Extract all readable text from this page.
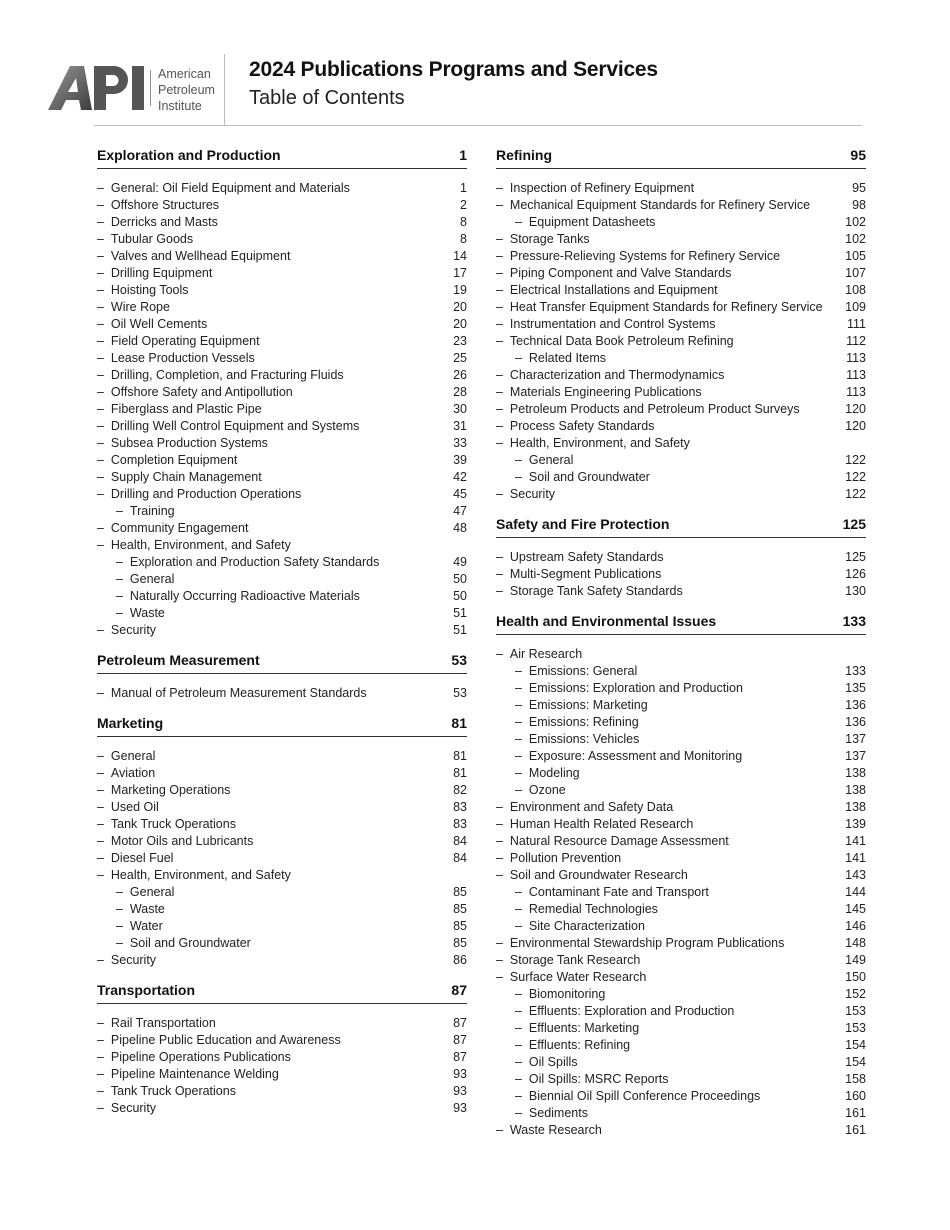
American
Petroleum
Institute
2024 Publications Programs and Services
Table of Contents
Exploration and Production	1
–  General: Oil Field Equipment and Materials	1
–  Offshore Structures	2
–  Derricks and Masts	8
–  Tubular Goods	8
–  Valves and Wellhead Equipment	14
–  Drilling Equipment	17
–  Hoisting Tools	19
–  Wire Rope	20
–  Oil Well Cements	20
–  Field Operating Equipment	23
–  Lease Production Vessels	25
–  Drilling, Completion, and Fracturing Fluids	26
–  Offshore Safety and Antipollution	28
–  Fiberglass and Plastic Pipe	30
–  Drilling Well Control Equipment and Systems	31
–  Subsea Production Systems	33
–  Completion Equipment	39
–  Supply Chain Management	42
–  Drilling and Production Operations	45
–  Training	47
–  Community Engagement	48
–  Health, Environment, and Safety
–  Exploration and Production Safety Standards	49
–  General	50
–  Naturally Occurring Radioactive Materials	50
–  Waste	51
–  Security	51
Petroleum Measurement	53
–  Manual of Petroleum Measurement Standards	53
Marketing	81
–  General	81
–  Aviation	81
–  Marketing Operations	82
–  Used Oil	83
–  Tank Truck Operations	83
–  Motor Oils and Lubricants	84
–  Diesel Fuel	84
–  Health, Environment, and Safety
–  General	85
–  Waste	85
–  Water	85
–  Soil and Groundwater	85
–  Security	86
Transportation	87
–  Rail Transportation	87
–  Pipeline Public Education and Awareness	87
–  Pipeline Operations Publications	87
–  Pipeline Maintenance Welding	93
–  Tank Truck Operations	93
–  Security	93
Refining	95
–  Inspection of Refinery Equipment	95
–  Mechanical Equipment Standards for Refinery Service	98
–  Equipment Datasheets	102
–  Storage Tanks	102
–  Pressure-Relieving Systems for Refinery Service	105
–  Piping Component and Valve Standards	107
–  Electrical Installations and Equipment	108
–  Heat Transfer Equipment Standards for Refinery Service 109
–  Instrumentation and Control Systems	111
–  Technical Data Book Petroleum Refining	112
–  Related Items	113
–  Characterization and Thermodynamics	113
–  Materials Engineering Publications	113
–  Petroleum Products and Petroleum Product Surveys	120
–  Process Safety Standards	120
–  Health, Environment, and Safety
–  General	122
–  Soil and Groundwater	122
–  Security	122
Safety and Fire Protection	125
–  Upstream Safety Standards	125
–  Multi-Segment Publications	126
–  Storage Tank Safety Standards	130
Health and Environmental Issues	133
–  Air Research
–  Emissions: General	133
–  Emissions: Exploration and Production	135
–  Emissions: Marketing	136
–  Emissions: Refining	136
–  Emissions: Vehicles	137
–  Exposure: Assessment and Monitoring	137
–  Modeling	138
–  Ozone	138
–  Environment and Safety Data	138
–  Human Health Related Research	139
–  Natural Resource Damage Assessment	141
–  Pollution Prevention	141
–  Soil and Groundwater Research	143
–  Contaminant Fate and Transport	144
–  Remedial Technologies	145
–  Site Characterization	146
–  Environmental Stewardship Program Publications	148
–  Storage Tank Research	149
–  Surface Water Research	150
–  Biomonitoring	152
–  Effluents: Exploration and Production	153
–  Effluents: Marketing	153
–  Effluents: Refining	154
–  Oil Spills	154
–  Oil Spills: MSRC Reports	158
–  Biennial Oil Spill Conference Proceedings	160
–  Sediments	161
–  Waste Research	161
